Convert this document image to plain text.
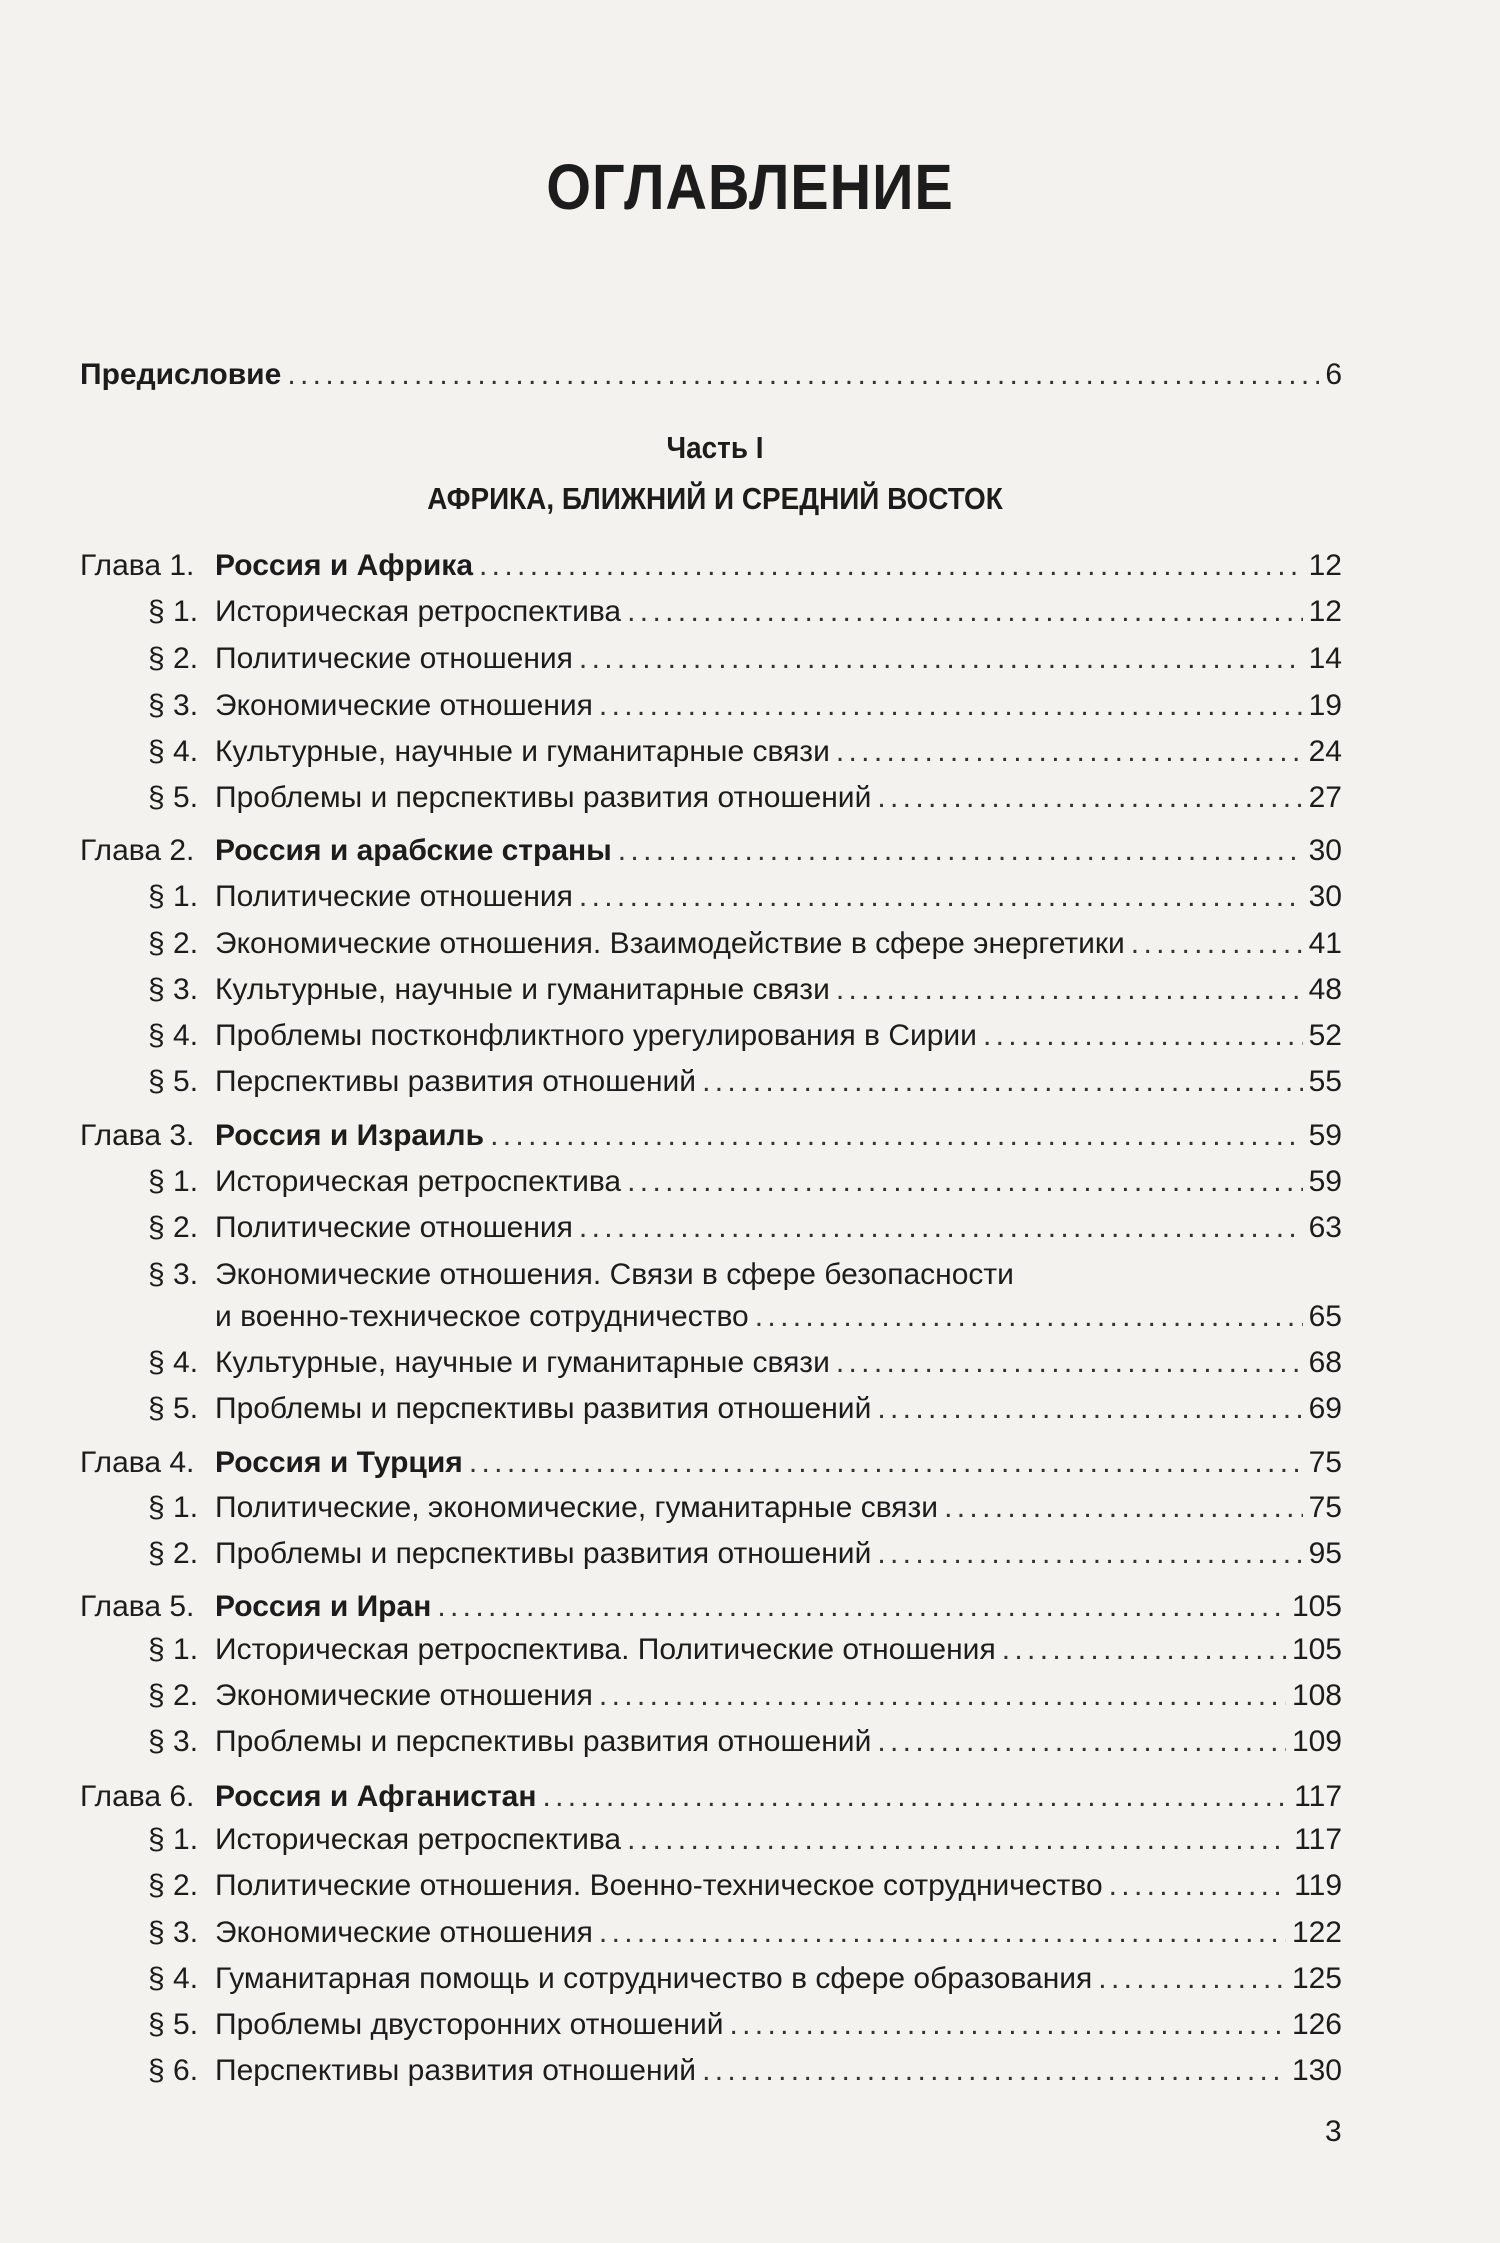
ОГЛАВЛЕНИЕ
Предисловие . . .	6
Часть I
АФРИКА, БЛИЖНИЙ И СРЕДНИЙ ВОСТОК
Глава 1. Россия и Африка . . .	12
§ 1. Историческая ретроспектива . . .	12
§ 2. Политические отношения . . .	14
§ 3. Экономические отношения . . .	19
§ 4. Культурные, научные и гуманитарные связи . . .	24
§ 5. Проблемы и перспективы развития отношений . . .	27
Глава 2. Россия и арабские страны . . .	30
§ 1. Политические отношения . . .	30
§ 2. Экономические отношения. Взаимодействие в сфере энергетики . . .	41
§ 3. Культурные, научные и гуманитарные связи . . .	48
§ 4. Проблемы постконфликтного урегулирования в Сирии . . .	52
§ 5. Перспективы развития отношений . . .	55
Глава 3. Россия и Израиль . . .	59
§ 1. Историческая ретроспектива . . .	59
§ 2. Политические отношения . . .	63
§ 3. Экономические отношения. Связи в сфере безопасности
и военно-техническое сотрудничество . . .	65
§ 4. Культурные, научные и гуманитарные связи . . .	68
§ 5. Проблемы и перспективы развития отношений . . .	69
Глава 4. Россия и Турция . . .	75
§ 1. Политические, экономические, гуманитарные связи . . .	75
§ 2. Проблемы и перспективы развития отношений . . .	95
Глава 5. Россия и Иран . . .	105
§ 1. Историческая ретроспектива. Политические отношения . . .	105
§ 2. Экономические отношения . . .	108
§ 3. Проблемы и перспективы развития отношений . . .	109
Глава 6. Россия и Афганистан . . .	117
§ 1. Историческая ретроспектива . . .	117
§ 2. Политические отношения. Военно-техническое сотрудничество . . .	119
§ 3. Экономические отношения . . .	122
§ 4. Гуманитарная помощь и сотрудничество в сфере образования . . .	125
§ 5. Проблемы двусторонних отношений . . .	126
§ 6. Перспективы развития отношений . . .	130
3
